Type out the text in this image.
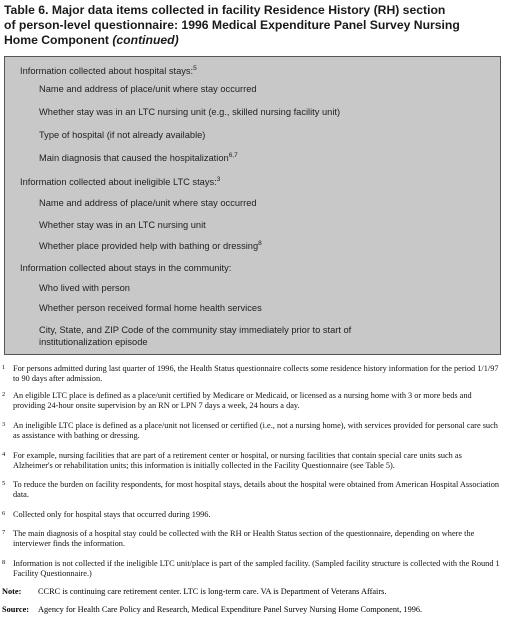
Table 6. Major data items collected in facility Residence History (RH) section
of person-level questionnaire: 1996 Medical Expenditure Panel Survey Nursing
Home Component (continued)
Information collected about hospital stays:$^5$
Name and address of place/unit where stay occurred
Whether stay was in an LTC nursing unit (e.g., skilled nursing facility unit)
Type of hospital (if not already available)
Main diagnosis that caused the hospitalization$^{6,7}$
Information collected about ineligible LTC stays:$^3$
Name and address of place/unit where stay occurred
Whether stay was in an LTC nursing unit
Whether place provided help with bathing or dressing$^8$
Information collected about stays in the community:
Who lived with person
Whether person received formal home health services
City, State, and ZIP Code of the community stay immediately prior to start of
institutionalization episode
1 For persons admitted during last quarter of 1996, the Health Status questionnaire collects some residence history information for the period 1/1/97 to 90 days after admission.
2 An eligible LTC place is defined as a place/unit certified by Medicare or Medicaid, or licensed as a nursing home with 3 or more beds and providing 24-hour onsite supervision by an RN or LPN 7 days a week, 24 hours a day.
3 An ineligible LTC place is defined as a place/unit not licensed or certified (i.e., not a nursing home), with services provided for personal care such as assistance with bathing or dressing.
4 For example, nursing facilities that are part of a retirement center or hospital, or nursing facilities that contain special care units such as Alzheimer's or rehabilitation units; this information is initially collected in the Facility Questionnaire (see Table 5).
5 To reduce the burden on facility respondents, for most hospital stays, details about the hospital were obtained from American Hospital Association data.
6 Collected only for hospital stays that occurred during 1996.
7 The main diagnosis of a hospital stay could be collected with the RH or Health Status section of the questionnaire, depending on where the interviewer finds the information.
8 Information is not collected if the ineligible LTC unit/place is part of the sampled facility. (Sampled facility structure is collected with the Round 1 Facility Questionnaire.)
Note: CCRC is continuing care retirement center. LTC is long-term care. VA is Department of Veterans Affairs.
Source: Agency for Health Care Policy and Research, Medical Expenditure Panel Survey Nursing Home Component, 1996.
